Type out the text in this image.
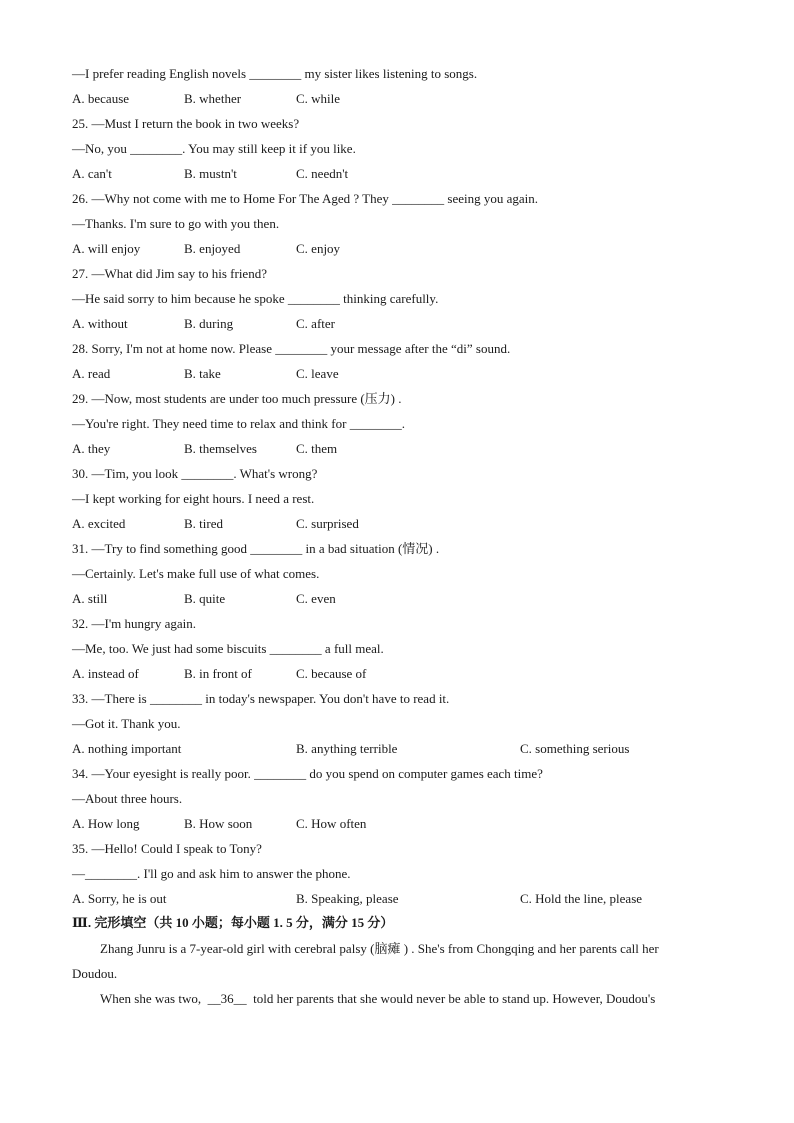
—I prefer reading English novels ________ my sister likes listening to songs.
A. because	B. whether	C. while
25. —Must I return the book in two weeks?
—No, you ________. You may still keep it if you like.
A. can't	B. mustn't	C. needn't
26. —Why not come with me to Home For The Aged ? They ________ seeing you again.
—Thanks. I'm sure to go with you then.
A. will enjoy	B. enjoyed	C. enjoy
27. —What did Jim say to his friend?
—He said sorry to him because he spoke ________ thinking carefully.
A. without	B. during	C. after
28. Sorry, I'm not at home now. Please ________ your message after the “di” sound.
A. read	B. take	C. leave
29. —Now, most students are under too much pressure (压力) .
—You're right. They need time to relax and think for ________.
A. they	B. themselves	C. them
30. —Tim, you look ________. What's wrong?
—I kept working for eight hours. I need a rest.
A. excited	B. tired	C. surprised
31. —Try to find something good ________ in a bad situation (情况) .
—Certainly. Let's make full use of what comes.
A. still	B. quite	C. even
32. —I'm hungry again.
—Me, too. We just had some biscuits ________ a full meal.
A. instead of	B. in front of	C. because of
33. —There is ________ in today's newspaper. You don't have to read it.
—Got it. Thank you.
A. nothing important	B. anything terrible	C. something serious
34. —Your eyesight is really poor. ________ do you spend on computer games each time?
—About three hours.
A. How long	B. How soon	C. How often
35. —Hello! Could I speak to Tony?
—________. I'll go and ask him to answer the phone.
A. Sorry, he is out	B. Speaking, please	C. Hold the line, please
Ⅲ. 完形填空（共 10 小题；每小题 1. 5 分，满分 15 分）
Zhang Junru is a 7-year-old girl with cerebral palsy (脑瘫 ) . She's from Chongqing and her parents call her
Doudou.
When she was two,  __36__  told her parents that she would never be able to stand up. However, Doudou's
